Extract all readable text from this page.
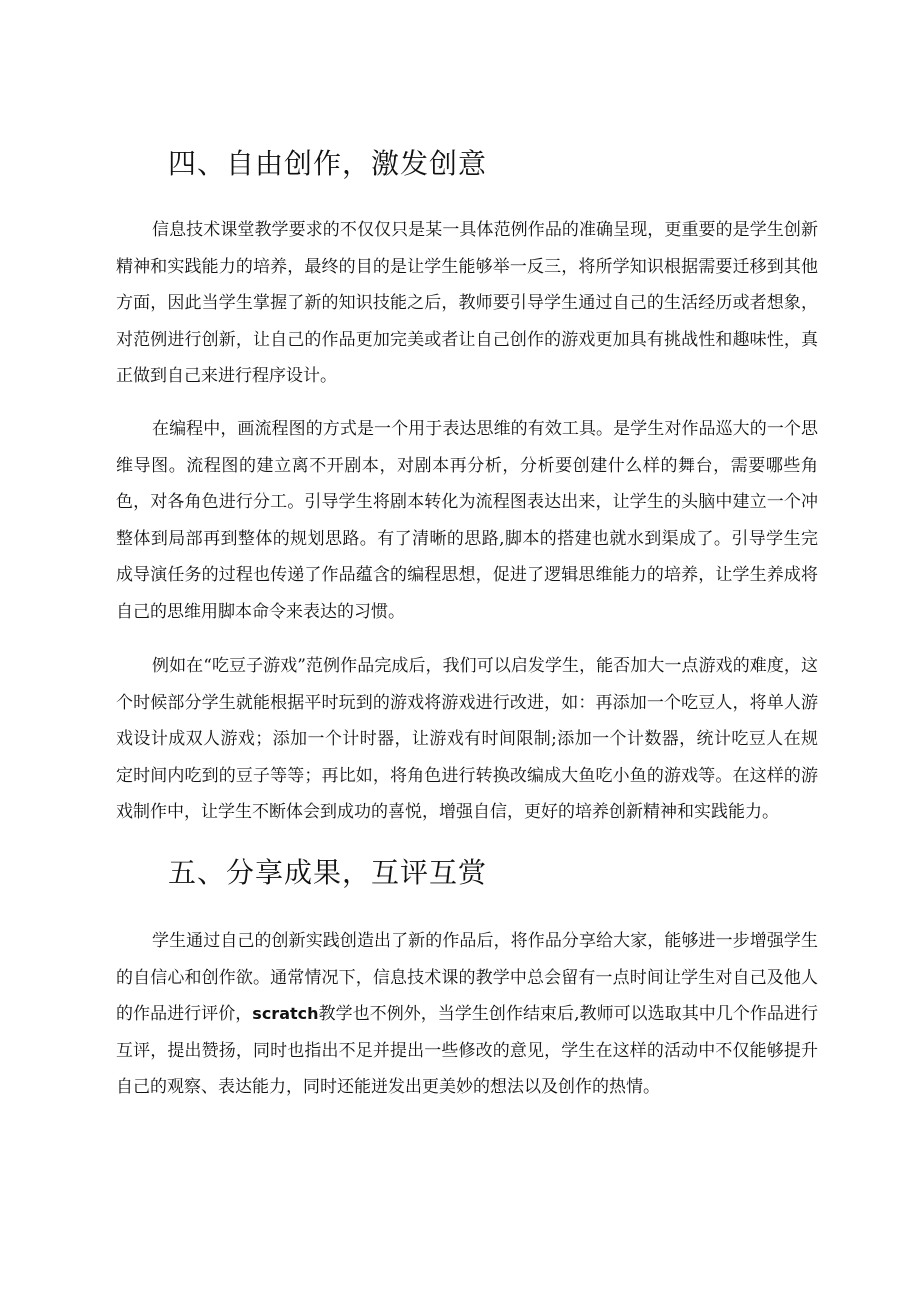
四、自由创作，激发创意

信息技术课堂教学要求的不仅仅只是某一具体范例作品的准确呈现，更重要的是学生创新精神和实践能力的培养，最终的目的是让学生能够举一反三，将所学知识根据需要迁移到其他方面，因此当学生掌握了新的知识技能之后，教师要引导学生通过自己的生活经历或者想象，对范例进行创新，让自己的作品更加完美或者让自己创作的游戏更加具有挑战性和趣味性，真正做到自己来进行程序设计。

在编程中，画流程图的方式是一个用于表达思维的有效工具。是学生对作品巡大的一个思维导图。流程图的建立离不开剧本，对剧本再分析，分析要创建什么样的舞台，需要哪些角色，对各角色进行分工。引导学生将剧本转化为流程图表达出来，让学生的头脑中建立一个冲整体到局部再到整体的规划思路。有了清晰的思路,脚本的搭建也就水到渠成了。引导学生完成导演任务的过程也传递了作品蕴含的编程思想，促进了逻辑思维能力的培养，让学生养成将自己的思维用脚本命令来表达的习惯。

例如在“吃豆子游戏”范例作品完成后，我们可以启发学生，能否加大一点游戏的难度，这个时候部分学生就能根据平时玩到的游戏将游戏进行改进，如：再添加一个吃豆人，将单人游戏设计成双人游戏；添加一个计时器，让游戏有时间限制;添加一个计数器，统计吃豆人在规定时间内吃到的豆子等等；再比如，将角色进行转换改编成大鱼吃小鱼的游戏等。在这样的游戏制作中，让学生不断体会到成功的喜悦，增强自信，更好的培养创新精神和实践能力。

五、分享成果，互评互赏

学生通过自己的创新实践创造出了新的作品后，将作品分享给大家，能够进一步增强学生的自信心和创作欲。通常情况下，信息技术课的教学中总会留有一点时间让学生对自己及他人的作品进行评价，scratch教学也不例外，当学生创作结束后,教师可以选取其中几个作品进行互评，提出赞扬，同时也指出不足并提出一些修改的意见，学生在这样的活动中不仅能够提升自己的观察、表达能力，同时还能迸发出更美妙的想法以及创作的热情。
